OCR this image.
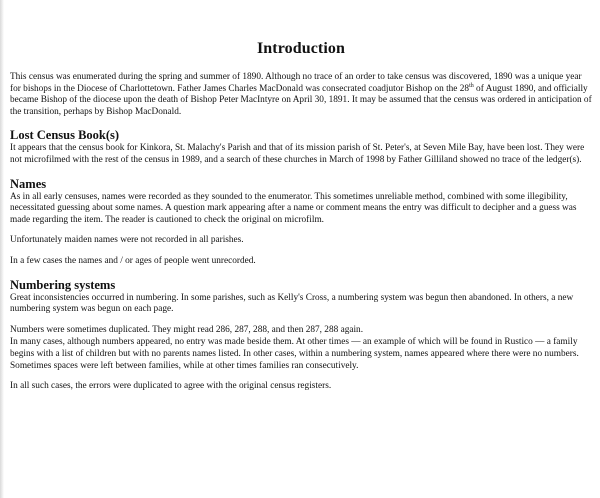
Introduction

This census was enumerated during the spring and summer of 1890. Although no trace of an order to take census was discovered, 1890 was a unique year for bishops in the Diocese of Charlottetown. Father James Charles MacDonald was consecrated coadjutor Bishop on the 28th of August 1890, and officially became Bishop of the diocese upon the death of Bishop Peter MacIntyre on April 30, 1891. It may be assumed that the census was ordered in anticipation of the transition, perhaps by Bishop MacDonald.

Lost Census Book(s)

It appears that the census book for Kinkora, St. Malachy's Parish and that of its mission parish of St. Peter's, at Seven Mile Bay, have been lost. They were not microfilmed with the rest of the census in 1989, and a search of these churches in March of 1998 by Father Gilliland showed no trace of the ledger(s).

Names

As in all early censuses, names were recorded as they sounded to the enumerator. This sometimes unreliable method, combined with some illegibility, necessitated guessing about some names. A question mark appearing after a name or comment means the entry was difficult to decipher and a guess was made regarding the item. The reader is cautioned to check the original on microfilm.

Unfortunately maiden names were not recorded in all parishes.

In a few cases the names and / or ages of people went unrecorded.

Numbering systems

Great inconsistencies occurred in numbering. In some parishes, such as Kelly's Cross, a numbering system was begun then abandoned. In others, a new numbering system was begun on each page.

Numbers were sometimes duplicated. They might read 286, 287, 288, and then 287, 288 again.

In many cases, although numbers appeared, no entry was made beside them. At other times — an example of which will be found in Rustico — a family begins with a list of children but with no parents names listed. In other cases, within a numbering system, names appeared where there were no numbers. Sometimes spaces were left between families, while at other times families ran consecutively.

In all such cases, the errors were duplicated to agree with the original census registers.
